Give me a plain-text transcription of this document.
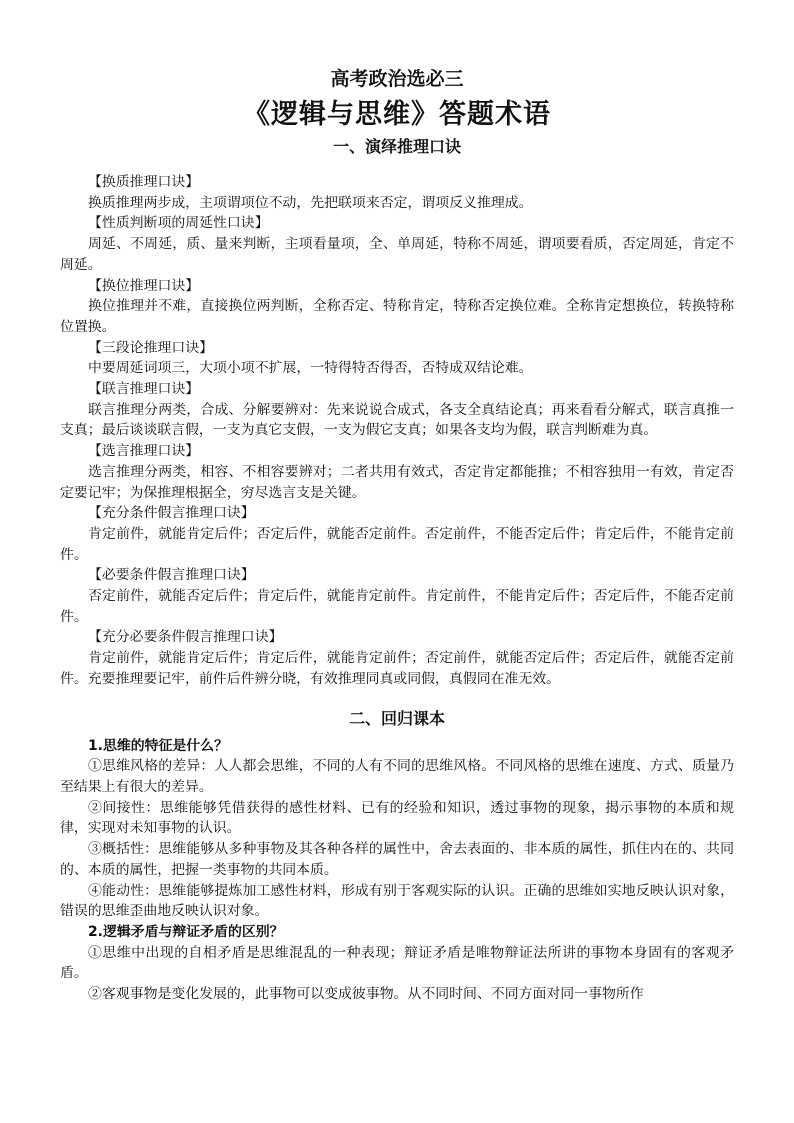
高考政治选必三

《逻辑与思维》答题术语

一、演绎推理口诀

【换质推理口诀】

换质推理两步成，主项谓项位不动，先把联项来否定，谓项反义推理成。

【性质判断项的周延性口诀】

周延、不周延，质、量来判断，主项看量项，全、单周延，特称不周延，谓项要看质，否定周延，肯定不周延。

【换位推理口诀】

换位推理并不难，直接换位两判断，全称否定、特称肯定，特称否定换位难。全称肯定想换位，转换特称位置换。

【三段论推理口诀】

中要周延词项三，大项小项不扩展，一特得特否得否，否特成双结论难。

【联言推理口诀】

联言推理分两类，合成、分解要辨对：先来说说合成式，各支全真结论真；再来看看分解式，联言真推一支真；最后谈谈联言假，一支为真它支假，一支为假它支真；如果各支均为假，联言判断难为真。

【选言推理口诀】

选言推理分两类，相容、不相容要辨对；二者共用有效式，否定肯定都能推；不相容独用一有效，肯定否定要记牢；为保推理根据全，穷尽选言支是关键。

【充分条件假言推理口诀】

肯定前件，就能肯定后件；否定后件，就能否定前件。否定前件，不能否定后件；肯定后件，不能肯定前件。

【必要条件假言推理口诀】

否定前件，就能否定后件；肯定后件，就能肯定前件。肯定前件，不能肯定后件；否定后件，不能否定前件。

【充分必要条件假言推理口诀】

肯定前件，就能肯定后件；肯定后件，就能肯定前件；否定前件，就能否定后件；否定后件，就能否定前件。充要推理要记牢，前件后件辨分晓，有效推理同真或同假，真假同在准无效。

二、回归课本

1.思维的特征是什么？

①思维风格的差异：人人都会思维，不同的人有不同的思维风格。不同风格的思维在速度、方式、质量乃至结果上有很大的差异。

②间接性：思维能够凭借获得的感性材料、已有的经验和知识，透过事物的现象，揭示事物的本质和规律，实现对未知事物的认识。

③概括性：思维能够从多种事物及其各种各样的属性中，舍去表面的、非本质的属性，抓住内在的、共同的、本质的属性，把握一类事物的共同本质。

④能动性：思维能够提炼加工感性材料，形成有别于客观实际的认识。正确的思维如实地反映认识对象，错误的思维歪曲地反映认识对象。

2.逻辑矛盾与辩证矛盾的区别？

①思维中出现的自相矛盾是思维混乱的一种表现；辩证矛盾是唯物辩证法所讲的事物本身固有的客观矛盾。

②客观事物是变化发展的，此事物可以变成彼事物。从不同时间、不同方面对同一事物所作
